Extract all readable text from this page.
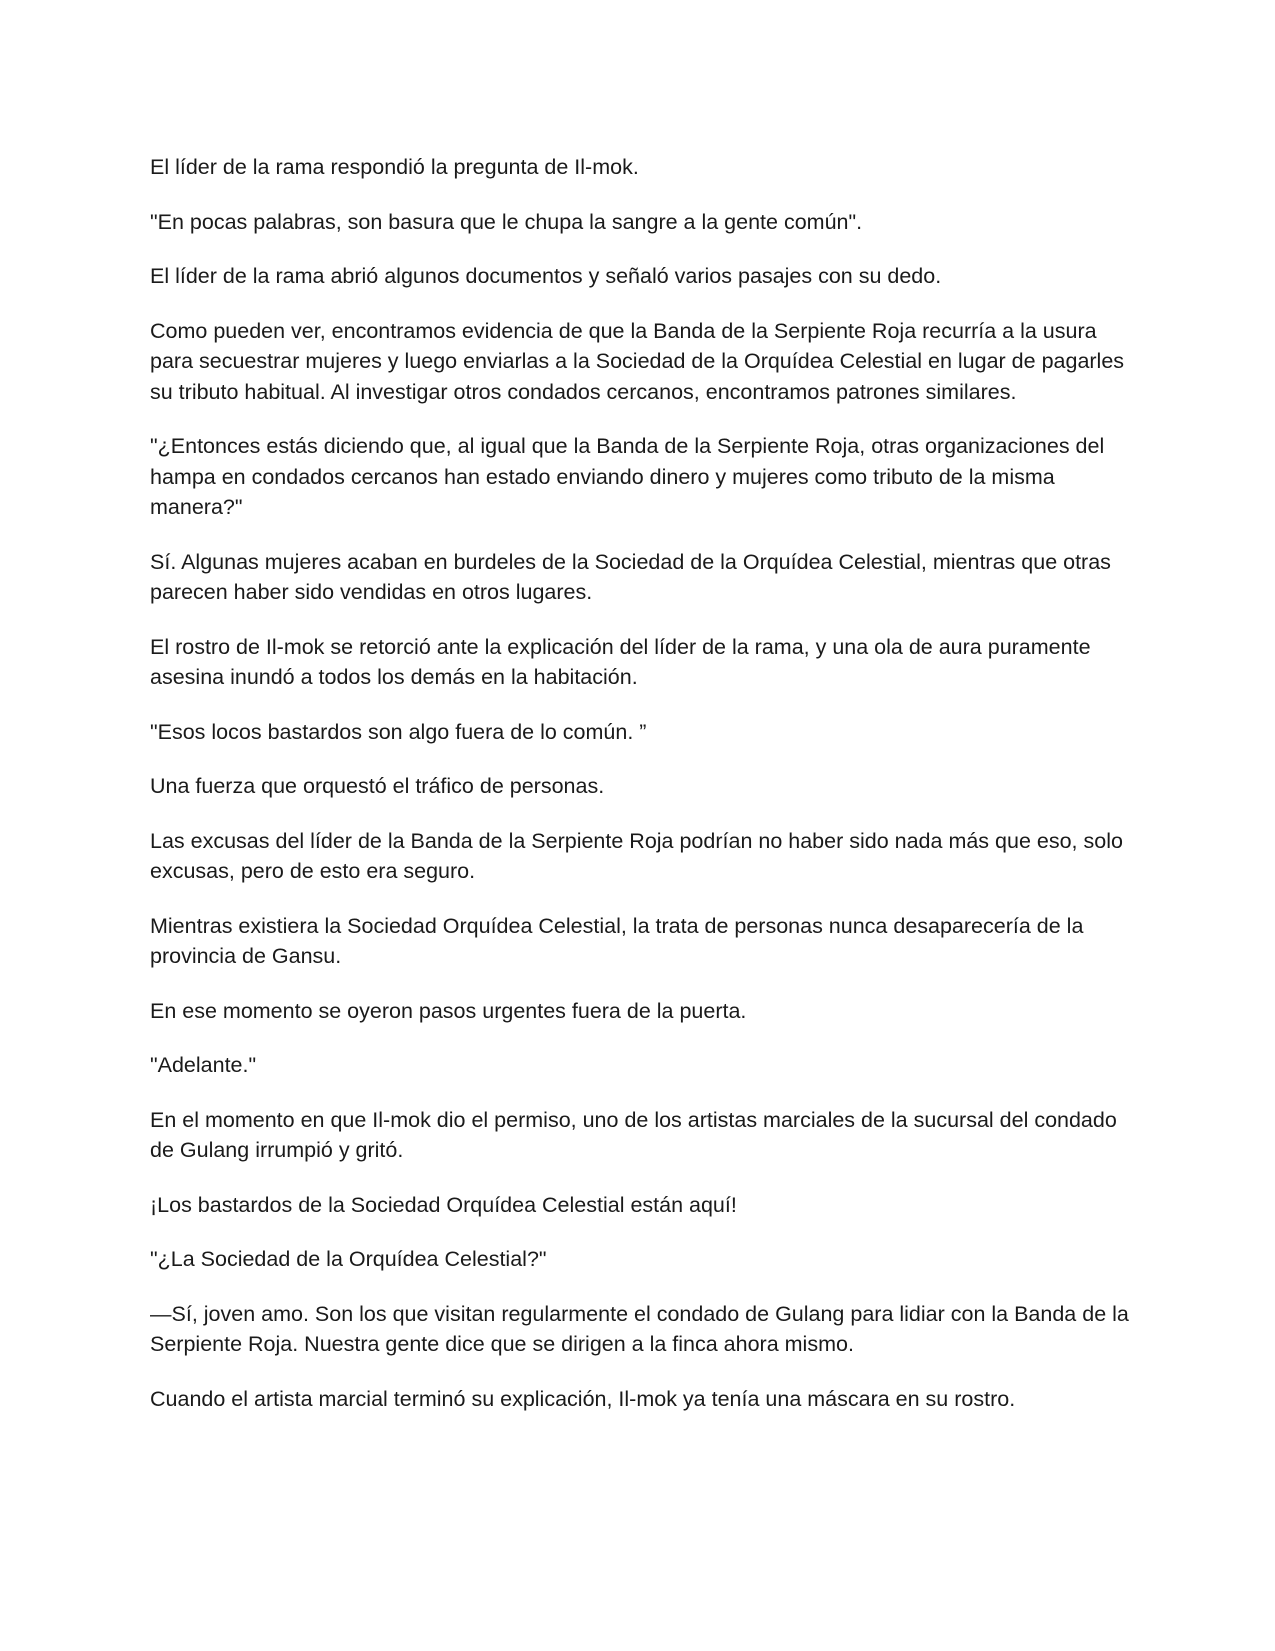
El líder de la rama respondió la pregunta de Il-mok.

"En pocas palabras, son basura que le chupa la sangre a la gente común".

El líder de la rama abrió algunos documentos y señaló varios pasajes con su dedo.

Como pueden ver, encontramos evidencia de que la Banda de la Serpiente Roja recurría a la usura para secuestrar mujeres y luego enviarlas a la Sociedad de la Orquídea Celestial en lugar de pagarles su tributo habitual. Al investigar otros condados cercanos, encontramos patrones similares.

"¿Entonces estás diciendo que, al igual que la Banda de la Serpiente Roja, otras organizaciones del hampa en condados cercanos han estado enviando dinero y mujeres como tributo de la misma manera?"

Sí. Algunas mujeres acaban en burdeles de la Sociedad de la Orquídea Celestial, mientras que otras parecen haber sido vendidas en otros lugares.

El rostro de Il-mok se retorció ante la explicación del líder de la rama, y una ola de aura puramente asesina inundó a todos los demás en la habitación.

"Esos locos bastardos son algo fuera de lo común. ”

Una fuerza que orquestó el tráfico de personas.

Las excusas del líder de la Banda de la Serpiente Roja podrían no haber sido nada más que eso, solo excusas, pero de esto era seguro.

Mientras existiera la Sociedad Orquídea Celestial, la trata de personas nunca desaparecería de la provincia de Gansu.

En ese momento se oyeron pasos urgentes fuera de la puerta.

"Adelante."

En el momento en que Il-mok dio el permiso, uno de los artistas marciales de la sucursal del condado de Gulang irrumpió y gritó.

¡Los bastardos de la Sociedad Orquídea Celestial están aquí!

"¿La Sociedad de la Orquídea Celestial?"

—Sí, joven amo. Son los que visitan regularmente el condado de Gulang para lidiar con la Banda de la Serpiente Roja. Nuestra gente dice que se dirigen a la finca ahora mismo.

Cuando el artista marcial terminó su explicación, Il-mok ya tenía una máscara en su rostro.
